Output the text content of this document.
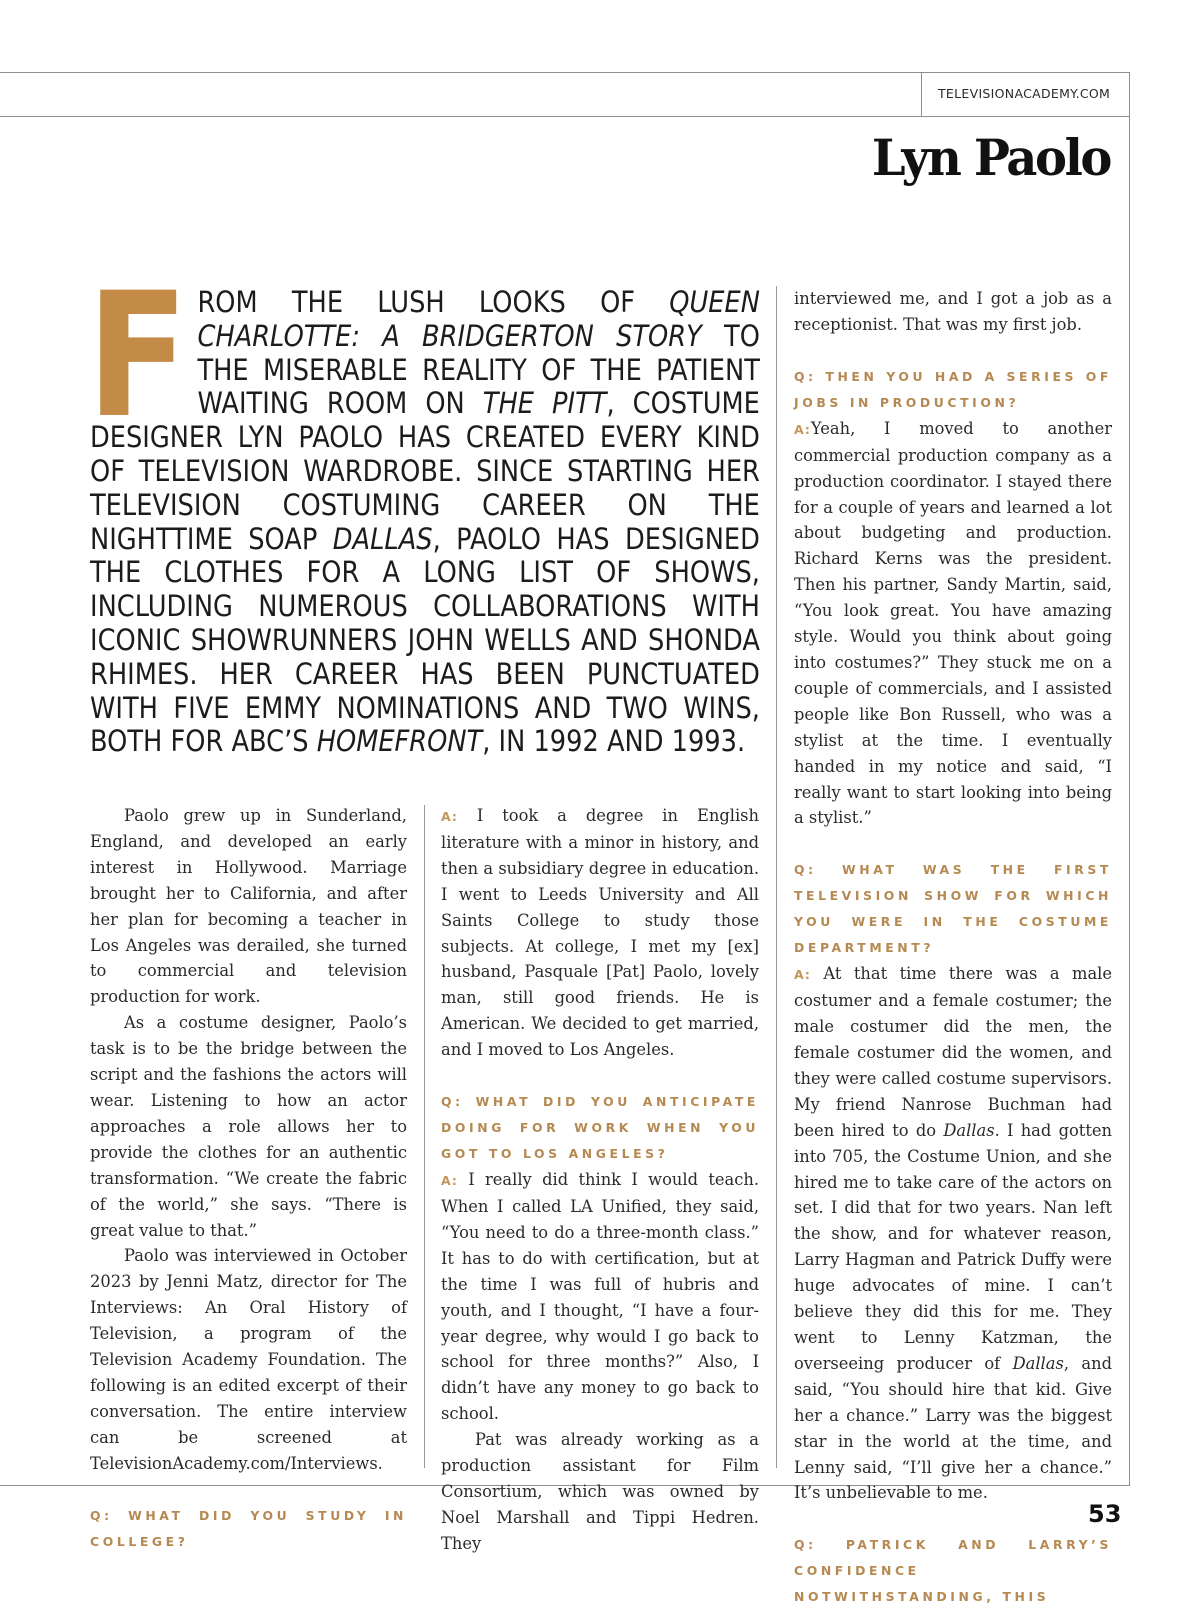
TELEVISIONACADEMY.COM
Lyn Paolo
F ROM THE LUSH LOOKS OF QUEEN CHARLOTTE: A BRIDGERTON STORY TO THE MISERABLE REALITY OF THE PATIENT WAITING ROOM ON THE PITT, COSTUME DESIGNER LYN PAOLO HAS CREATED EVERY KIND OF TELEVISION WARDROBE. SINCE STARTING HER TELEVISION COSTUMING CAREER ON THE NIGHTTIME SOAP DALLAS, PAOLO HAS DESIGNED THE CLOTHES FOR A LONG LIST OF SHOWS, INCLUDING NUMEROUS COLLABORATIONS WITH ICONIC SHOWRUNNERS JOHN WELLS AND SHONDA RHIMES. HER CAREER HAS BEEN PUNCTUATED WITH FIVE EMMY NOMINATIONS AND TWO WINS, BOTH FOR ABC’S HOMEFRONT, IN 1992 AND 1993.

Paolo grew up in Sunderland, England, and developed an early interest in Hollywood. Marriage brought her to California, and after her plan for becoming a teacher in Los Angeles was derailed, she turned to commercial and television production for work.

As a costume designer, Paolo’s task is to be the bridge between the script and the fashions the actors will wear. Listening to how an actor approaches a role allows her to provide the clothes for an authentic transformation. “We create the fabric of the world,” she says. “There is great value to that.”

Paolo was interviewed in October 2023 by Jenni Matz, director for The Interviews: An Oral History of Television, a program of the Television Academy Foundation. The following is an edited excerpt of their conversation. The entire interview can be screened at TelevisionAcademy.com/Interviews.

Q: WHAT DID YOU STUDY IN COLLEGE?

A: I took a degree in English literature with a minor in history, and then a subsidiary degree in education. I went to Leeds University and All Saints College to study those subjects. At college, I met my [ex] husband, Pasquale [Pat] Paolo, lovely man, still good friends. He is American. We decided to get married, and I moved to Los Angeles.

Q: WHAT DID YOU ANTICIPATE DOING FOR WORK WHEN YOU GOT TO LOS ANGELES?

A: I really did think I would teach. When I called LA Unified, they said, “You need to do a three-month class.” It has to do with certification, but at the time I was full of hubris and youth, and I thought, “I have a four-year degree, why would I go back to school for three months?” Also, I didn’t have any money to go back to school.

Pat was already working as a production assistant for Film Consortium, which was owned by Noel Marshall and Tippi Hedren. They

interviewed me, and I got a job as a receptionist. That was my first job.

Q: THEN YOU HAD A SERIES OF JOBS IN PRODUCTION?

A:Yeah, I moved to another commercial production company as a production coordinator. I stayed there for a couple of years and learned a lot about budgeting and production. Richard Kerns was the president. Then his partner, Sandy Martin, said, “You look great. You have amazing style. Would you think about going into costumes?” They stuck me on a couple of commercials, and I assisted people like Bon Russell, who was a stylist at the time. I eventually handed in my notice and said, “I really want to start looking into being a stylist.”

Q: WHAT WAS THE FIRST TELEVISION SHOW FOR WHICH YOU WERE IN THE COSTUME DEPARTMENT?

A: At that time there was a male costumer and a female costumer; the male costumer did the men, the female costumer did the women, and they were called costume supervisors. My friend Nanrose Buchman had been hired to do Dallas. I had gotten into 705, the Costume Union, and she hired me to take care of the actors on set. I did that for two years. Nan left the show, and for whatever reason, Larry Hagman and Patrick Duffy were huge advocates of mine. I can’t believe they did this for me. They went to Lenny Katzman, the overseeing producer of Dallas, and said, “You should hire that kid. Give her a chance.” Larry was the biggest star in the world at the time, and Lenny said, “I’ll give her a chance.” It’s unbelievable to me.

Q: PATRICK AND LARRY’S CONFIDENCE NOTWITHSTANDING, THIS

53
